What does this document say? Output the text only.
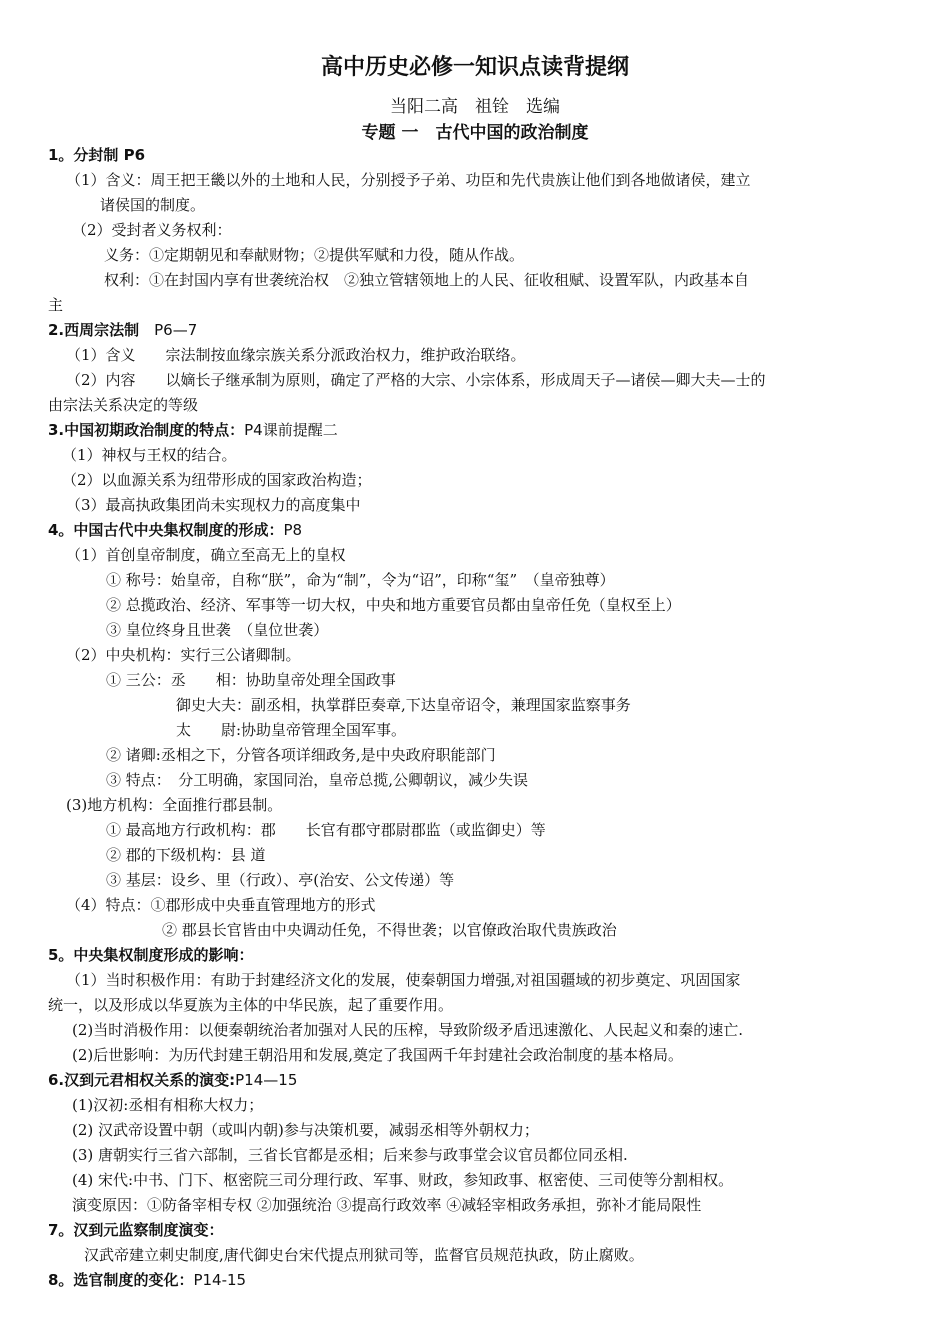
高中历史必修一知识点读背提纲
当阳二高　祖铨　选编
专题 一　古代中国的政治制度
1。分封制 P6
（1）含义：周王把王畿以外的土地和人民，分别授予子弟、功臣和先代贵族让他们到各地做诸侯，建立
诸侯国的制度。
（2）受封者义务权利：
义务：①定期朝见和奉献财物；②提供军赋和力役，随从作战。
权利：①在封国内享有世袭统治权　②独立管辖领地上的人民、征收租赋、设置军队，内政基本自
主
2.西周宗法制　P6—7
（1）含义　　宗法制按血缘宗族关系分派政治权力，维护政治联络。
（2）内容　　以嫡长子继承制为原则，确定了严格的大宗、小宗体系，形成周天子—诸侯—卿大夫—士的
由宗法关系决定的等级
3.中国初期政治制度的特点：P4课前提醒二
（1）神权与王权的结合。
（2）以血源关系为纽带形成的国家政治构造；
（3）最高执政集团尚未实现权力的高度集中
4。中国古代中央集权制度的形成：P8
（1）首创皇帝制度，确立至高无上的皇权
① 称号：始皇帝，自称“朕”，命为“制”，令为“诏”，印称“玺”　（皇帝独尊）
② 总揽政治、经济、军事等一切大权，中央和地方重要官员都由皇帝任免（皇权至上）
③ 皇位终身且世袭　（皇位世袭）
（2）中央机构：实行三公诸卿制。
① 三公：丞　　相：协助皇帝处理全国政事
御史大夫：副丞相，执掌群臣奏章,下达皇帝诏令，兼理国家监察事务
太　　尉:协助皇帝管理全国军事。
② 诸卿:丞相之下，分管各项详细政务,是中央政府职能部门
③ 特点：　分工明确，家国同治，皇帝总揽,公卿朝议，减少失误
(3)地方机构：全面推行郡县制。
① 最高地方行政机构：郡　　长官有郡守郡尉郡监（或监御史）等
② 郡的下级机构：县 道
③ 基层：设乡、里（行政）、亭(治安、公文传递）等
（4）特点：①郡形成中央垂直管理地方的形式
② 郡县长官皆由中央调动任免，不得世袭；以官僚政治取代贵族政治
5。中央集权制度形成的影响：
（1）当时积极作用：有助于封建经济文化的发展，使秦朝国力增强,对祖国疆域的初步奠定、巩固国家
统一，以及形成以华夏族为主体的中华民族，起了重要作用。
(2)当时消极作用：以便秦朝统治者加强对人民的压榨，导致阶级矛盾迅速激化、人民起义和秦的速亡.
(2)后世影响：为历代封建王朝沿用和发展,奠定了我国两千年封建社会政治制度的基本格局。
6.汉到元君相权关系的演变:P14—15
(1)汉初:丞相有相称大权力；
(2) 汉武帝设置中朝（或叫内朝)参与决策机要，减弱丞相等外朝权力；
(3) 唐朝实行三省六部制，三省长官都是丞相；后来参与政事堂会议官员都位同丞相.
(4) 宋代:中书、门下、枢密院三司分理行政、军事、财政，参知政事、枢密使、三司使等分割相权。
演变原因：①防备宰相专权 ②加强统治 ③提高行政效率 ④减轻宰相政务承担，弥补才能局限性
7。汉到元监察制度演变：
汉武帝建立刺史制度,唐代御史台宋代提点刑狱司等，监督官员规范执政，防止腐败。
8。选官制度的变化：P14-15
